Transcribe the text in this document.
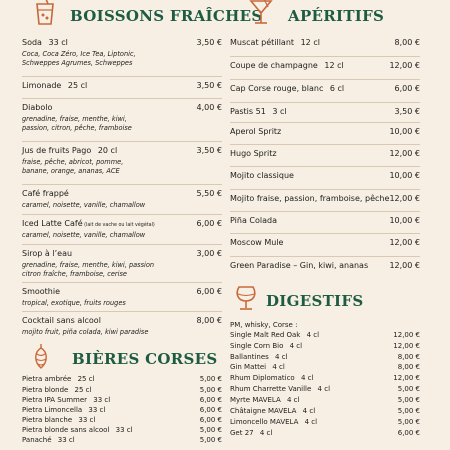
BOISSONS FRAÎCHES
Soda 33 cl	3,50 €
Coca, Coca Zéro, Ice Tea, Liptonic,
Schweppes Agrumes, Schweppes
Limonade 25 cl	3,50 €
Diabolo	4,00 €
grenadine, fraise, menthe, kiwi,
passion, citron, pêche, framboise
Jus de fruits Pago 20 cl	3,50 €
fraise, pêche, abricot, pomme,
banane, orange, ananas, ACE
Café frappé	5,50 €
caramel, noisette, vanille, chamallow
Iced Latte Café (lait de vache ou lait végétal)	6,00 €
caramel, noisette, vanille, chamallow
Sirop à l’eau	3,00 €
grenadine, fraise, menthe, kiwi, passion
citron fraîche, framboise, cerise
Smoothie	6,00 €
tropical, exotique, fruits rouges
Cocktail sans alcool	8,00 €
mojito fruit, piña colada, kiwi paradise
BIÈRES CORSES
Pietra ambrée 25 cl	5,00 €
Pietra blonde 25 cl	5,00 €
Pietra IPA Summer 33 cl	6,00 €
Pietra Limoncella 33 cl	6,00 €
Pietra blanche 33 cl	6,00 €
Pietra blonde sans alcool 33 cl	5,00 €
Panaché 33 cl	5,00 €
APÉRITIFS
Muscat pétillant 12 cl	8,00 €
Coupe de champagne 12 cl	12,00 €
Cap Corse rouge, blanc 6 cl	6,00 €
Pastis 51 3 cl	3,50 €
Aperol Spritz	10,00 €
Hugo Spritz	12,00 €
Mojito classique	10,00 €
Mojito fraise, passion, framboise, pêche 12,00 €
Piña Colada	10,00 €
Moscow Mule	12,00 €
Green Paradise – Gin, kiwi, ananas	12,00 €
DIGESTIFS
PM, whisky, Corse :
Single Malt Red Oak 4 cl	12,00 €
Single Corn Bio 4 cl	12,00 €
Ballantines 4 cl	8,00 €
Gin Mattei 4 cl	8,00 €
Rhum Diplomatico 4 cl	12,00 €
Rhum Charrette Vanille 4 cl	5,00 €
Myrte MAVELA 4 cl	5,00 €
Châtaigne MAVELA 4 cl	5,00 €
Limoncello MAVELA 4 cl	5,00 €
Get 27 4 cl	6,00 €
